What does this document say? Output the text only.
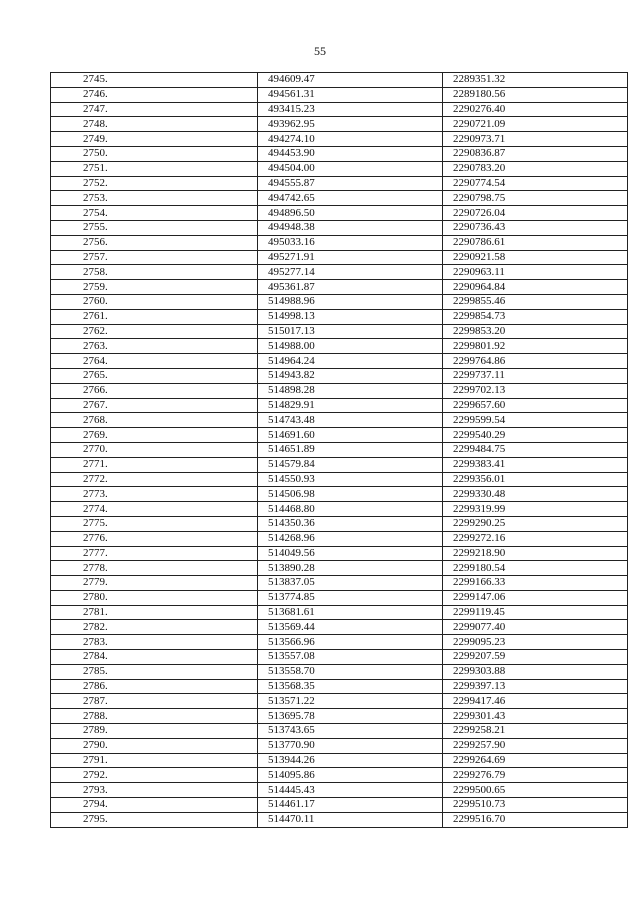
55
2745.	494609.47	2289351.32
2746.	494561.31	2289180.56
2747.	493415.23	2290276.40
2748.	493962.95	2290721.09
2749.	494274.10	2290973.71
2750.	494453.90	2290836.87
2751.	494504.00	2290783.20
2752.	494555.87	2290774.54
2753.	494742.65	2290798.75
2754.	494896.50	2290726.04
2755.	494948.38	2290736.43
2756.	495033.16	2290786.61
2757.	495271.91	2290921.58
2758.	495277.14	2290963.11
2759.	495361.87	2290964.84
2760.	514988.96	2299855.46
2761.	514998.13	2299854.73
2762.	515017.13	2299853.20
2763.	514988.00	2299801.92
2764.	514964.24	2299764.86
2765.	514943.82	2299737.11
2766.	514898.28	2299702.13
2767.	514829.91	2299657.60
2768.	514743.48	2299599.54
2769.	514691.60	2299540.29
2770.	514651.89	2299484.75
2771.	514579.84	2299383.41
2772.	514550.93	2299356.01
2773.	514506.98	2299330.48
2774.	514468.80	2299319.99
2775.	514350.36	2299290.25
2776.	514268.96	2299272.16
2777.	514049.56	2299218.90
2778.	513890.28	2299180.54
2779.	513837.05	2299166.33
2780.	513774.85	2299147.06
2781.	513681.61	2299119.45
2782.	513569.44	2299077.40
2783.	513566.96	2299095.23
2784.	513557.08	2299207.59
2785.	513558.70	2299303.88
2786.	513568.35	2299397.13
2787.	513571.22	2299417.46
2788.	513695.78	2299301.43
2789.	513743.65	2299258.21
2790.	513770.90	2299257.90
2791.	513944.26	2299264.69
2792.	514095.86	2299276.79
2793.	514445.43	2299500.65
2794.	514461.17	2299510.73
2795.	514470.11	2299516.70
